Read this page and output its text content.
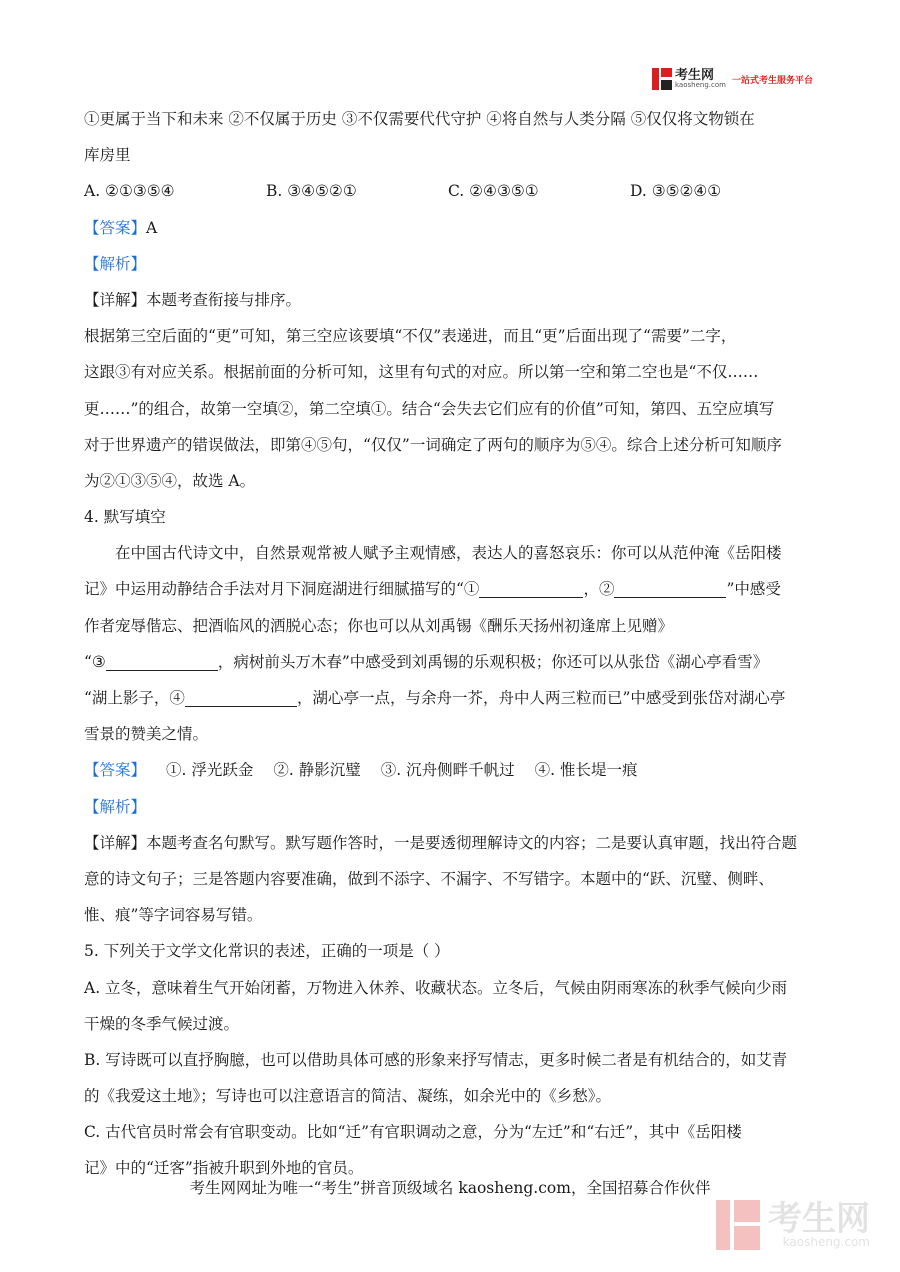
考生网
kaosheng.com 一站式考生服务平台
①更属于当下和未来 ②不仅属于历史 ③不仅需要代代守护 ④将自然与人类分隔 ⑤仅仅将文物锁在
库房里
A. ②①③⑤④	B. ③④⑤②①	C. ②④③⑤①	D. ③⑤②④①
【答案】A
【解析】
【详解】本题考查衔接与排序。
根据第三空后面的“更”可知，第三空应该要填“不仅”表递进，而且“更”后面出现了“需要”二字，
这跟③有对应关系。根据前面的分析可知，这里有句式的对应。所以第一空和第二空也是“不仅……
更……”的组合，故第一空填②，第二空填①。结合“会失去它们应有的价值”可知，第四、五空应填写
对于世界遗产的错误做法，即第④⑤句，“仅仅”一词确定了两句的顺序为⑤④。综合上述分析可知顺序
为②①③⑤④，故选 A。
4. 默写填空
在中国古代诗文中，自然景观常被人赋予主观情感，表达人的喜怒哀乐：你可以从范仲淹《岳阳楼
记》中运用动静结合手法对月下洞庭湖进行细腻描写的“①	，②	”中感受
作者宠辱偕忘、把酒临风的洒脱心态；你也可以从刘禹锡《酬乐天扬州初逢席上见赠》
“③	，病树前头万木春”中感受到刘禹锡的乐观积极；你还可以从张岱《湖心亭看雪》
“湖上影子，④	，湖心亭一点，与余舟一芥，舟中人两三粒而已”中感受到张岱对湖心亭
雪景的赞美之情。
【答案】 ①. 浮光跃金 ②. 静影沉璧 ③. 沉舟侧畔千帆过 ④. 惟长堤一痕
【解析】
【详解】本题考查名句默写。默写题作答时，一是要透彻理解诗文的内容；二是要认真审题，找出符合题
意的诗文句子；三是答题内容要准确，做到不添字、不漏字、不写错字。本题中的“跃、沉璧、侧畔、
惟、痕”等字词容易写错。
5. 下列关于文学文化常识的表述，正确的一项是（ ）
A. 立冬，意味着生气开始闭蓄，万物进入休养、收藏状态。立冬后，气候由阴雨寒冻的秋季气候向少雨
干燥的冬季气候过渡。
B. 写诗既可以直抒胸臆，也可以借助具体可感的形象来抒写情志，更多时候二者是有机结合的，如艾青
的《我爱这土地》；写诗也可以注意语言的简洁、凝练，如余光中的《乡愁》。
C. 古代官员时常会有官职变动。比如“迁”有官职调动之意，分为“左迁”和“右迁”，其中《岳阳楼
记》中的“迁客”指被升职到外地的官员。
考生网网址为唯一“考生”拼音顶级域名 kaosheng.com，全国招募合作伙伴
考生网
kaosheng.com
